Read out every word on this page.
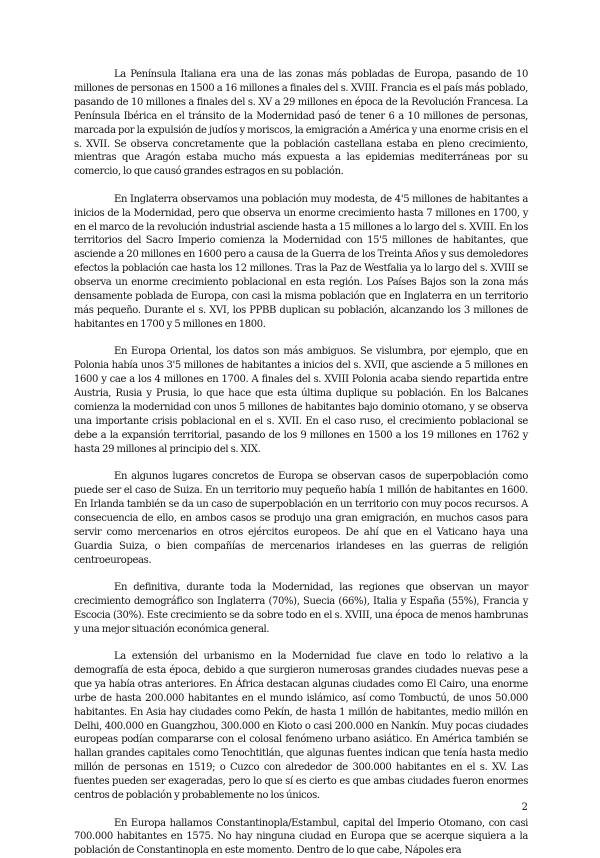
La Península Italiana era una de las zonas más pobladas de Europa, pasando de 10 millones de personas en 1500 a 16 millones a finales del s. XVIII. Francia es el país más poblado, pasando de 10 millones a finales del s. XV a 29 millones en época de la Revolución Francesa. La Península Ibérica en el tránsito de la Modernidad pasó de tener 6 a 10 millones de personas, marcada por la expulsión de judíos y moriscos, la emigración a América y una enorme crisis en el s. XVII. Se observa concretamente que la población castellana estaba en pleno crecimiento, mientras que Aragón estaba mucho más expuesta a las epidemias mediterráneas por su comercio, lo que causó grandes estragos en su población.

En Inglaterra observamos una población muy modesta, de 4'5 millones de habitantes a inicios de la Modernidad, pero que observa un enorme crecimiento hasta 7 millones en 1700, y en el marco de la revolución industrial asciende hasta a 15 millones a lo largo del s. XVIII. En los territorios del Sacro Imperio comienza la Modernidad con 15'5 millones de habitantes, que asciende a 20 millones en 1600 pero a causa de la Guerra de los Treinta Años y sus demoledores efectos la población cae hasta los 12 millones. Tras la Paz de Westfalia ya lo largo del s. XVIII se observa un enorme crecimiento poblacional en esta región. Los Países Bajos son la zona más densamente poblada de Europa, con casi la misma población que en Inglaterra en un territorio más pequeño. Durante el s. XVI, los PPBB duplican su población, alcanzando los 3 millones de habitantes en 1700 y 5 millones en 1800.

En Europa Oriental, los datos son más ambiguos. Se vislumbra, por ejemplo, que en Polonia había unos 3'5 millones de habitantes a inicios del s. XVII, que asciende a 5 millones en 1600 y cae a los 4 millones en 1700. A finales del s. XVIII Polonia acaba siendo repartida entre Austria, Rusia y Prusia, lo que hace que esta última duplique su población. En los Balcanes comienza la modernidad con unos 5 millones de habitantes bajo dominio otomano, y se observa una importante crisis poblacional en el s. XVII. En el caso ruso, el crecimiento poblacional se debe a la expansión territorial, pasando de los 9 millones en 1500 a los 19 millones en 1762 y hasta 29 millones al principio del s. XIX.

En algunos lugares concretos de Europa se observan casos de superpoblación como puede ser el caso de Suiza. En un territorio muy pequeño había 1 millón de habitantes en 1600. En Irlanda también se da un caso de superpoblación en un territorio con muy pocos recursos. A consecuencia de ello, en ambos casos se produjo una gran emigración, en muchos casos para servir como mercenarios en otros ejércitos europeos. De ahí que en el Vaticano haya una Guardia Suiza, o bien compañías de mercenarios irlandeses en las guerras de religión centroeuropeas.

En definitiva, durante toda la Modernidad, las regiones que observan un mayor crecimiento demográfico son Inglaterra (70%), Suecia (66%), Italia y España (55%), Francia y Escocia (30%). Este crecimiento se da sobre todo en el s. XVIII, una época de menos hambrunas y una mejor situación económica general.

La extensión del urbanismo en la Modernidad fue clave en todo lo relativo a la demografía de esta época, debido a que surgieron numerosas grandes ciudades nuevas pese a que ya había otras anteriores. En África destacan algunas ciudades como El Cairo, una enorme urbe de hasta 200.000 habitantes en el mundo islámico, así como Tombuctú, de unos 50.000 habitantes. En Asia hay ciudades como Pekín, de hasta 1 millón de habitantes, medio millón en Delhi, 400.000 en Guangzhou, 300.000 en Kioto o casi 200.000 en Nankín. Muy pocas ciudades europeas podían compararse con el colosal fenómeno urbano asiático. En América también se hallan grandes capitales como Tenochtitlán, que algunas fuentes indican que tenía hasta medio millón de personas en 1519; o Cuzco con alrededor de 300.000 habitantes en el s. XV. Las fuentes pueden ser exageradas, pero lo que sí es cierto es que ambas ciudades fueron enormes centros de población y probablemente no los únicos.

En Europa hallamos Constantinopla/Estambul, capital del Imperio Otomano, con casi 700.000 habitantes en 1575. No hay ninguna ciudad en Europa que se acerque siquiera a la población de Constantinopla en este momento. Dentro de lo que cabe, Nápoles era

2
